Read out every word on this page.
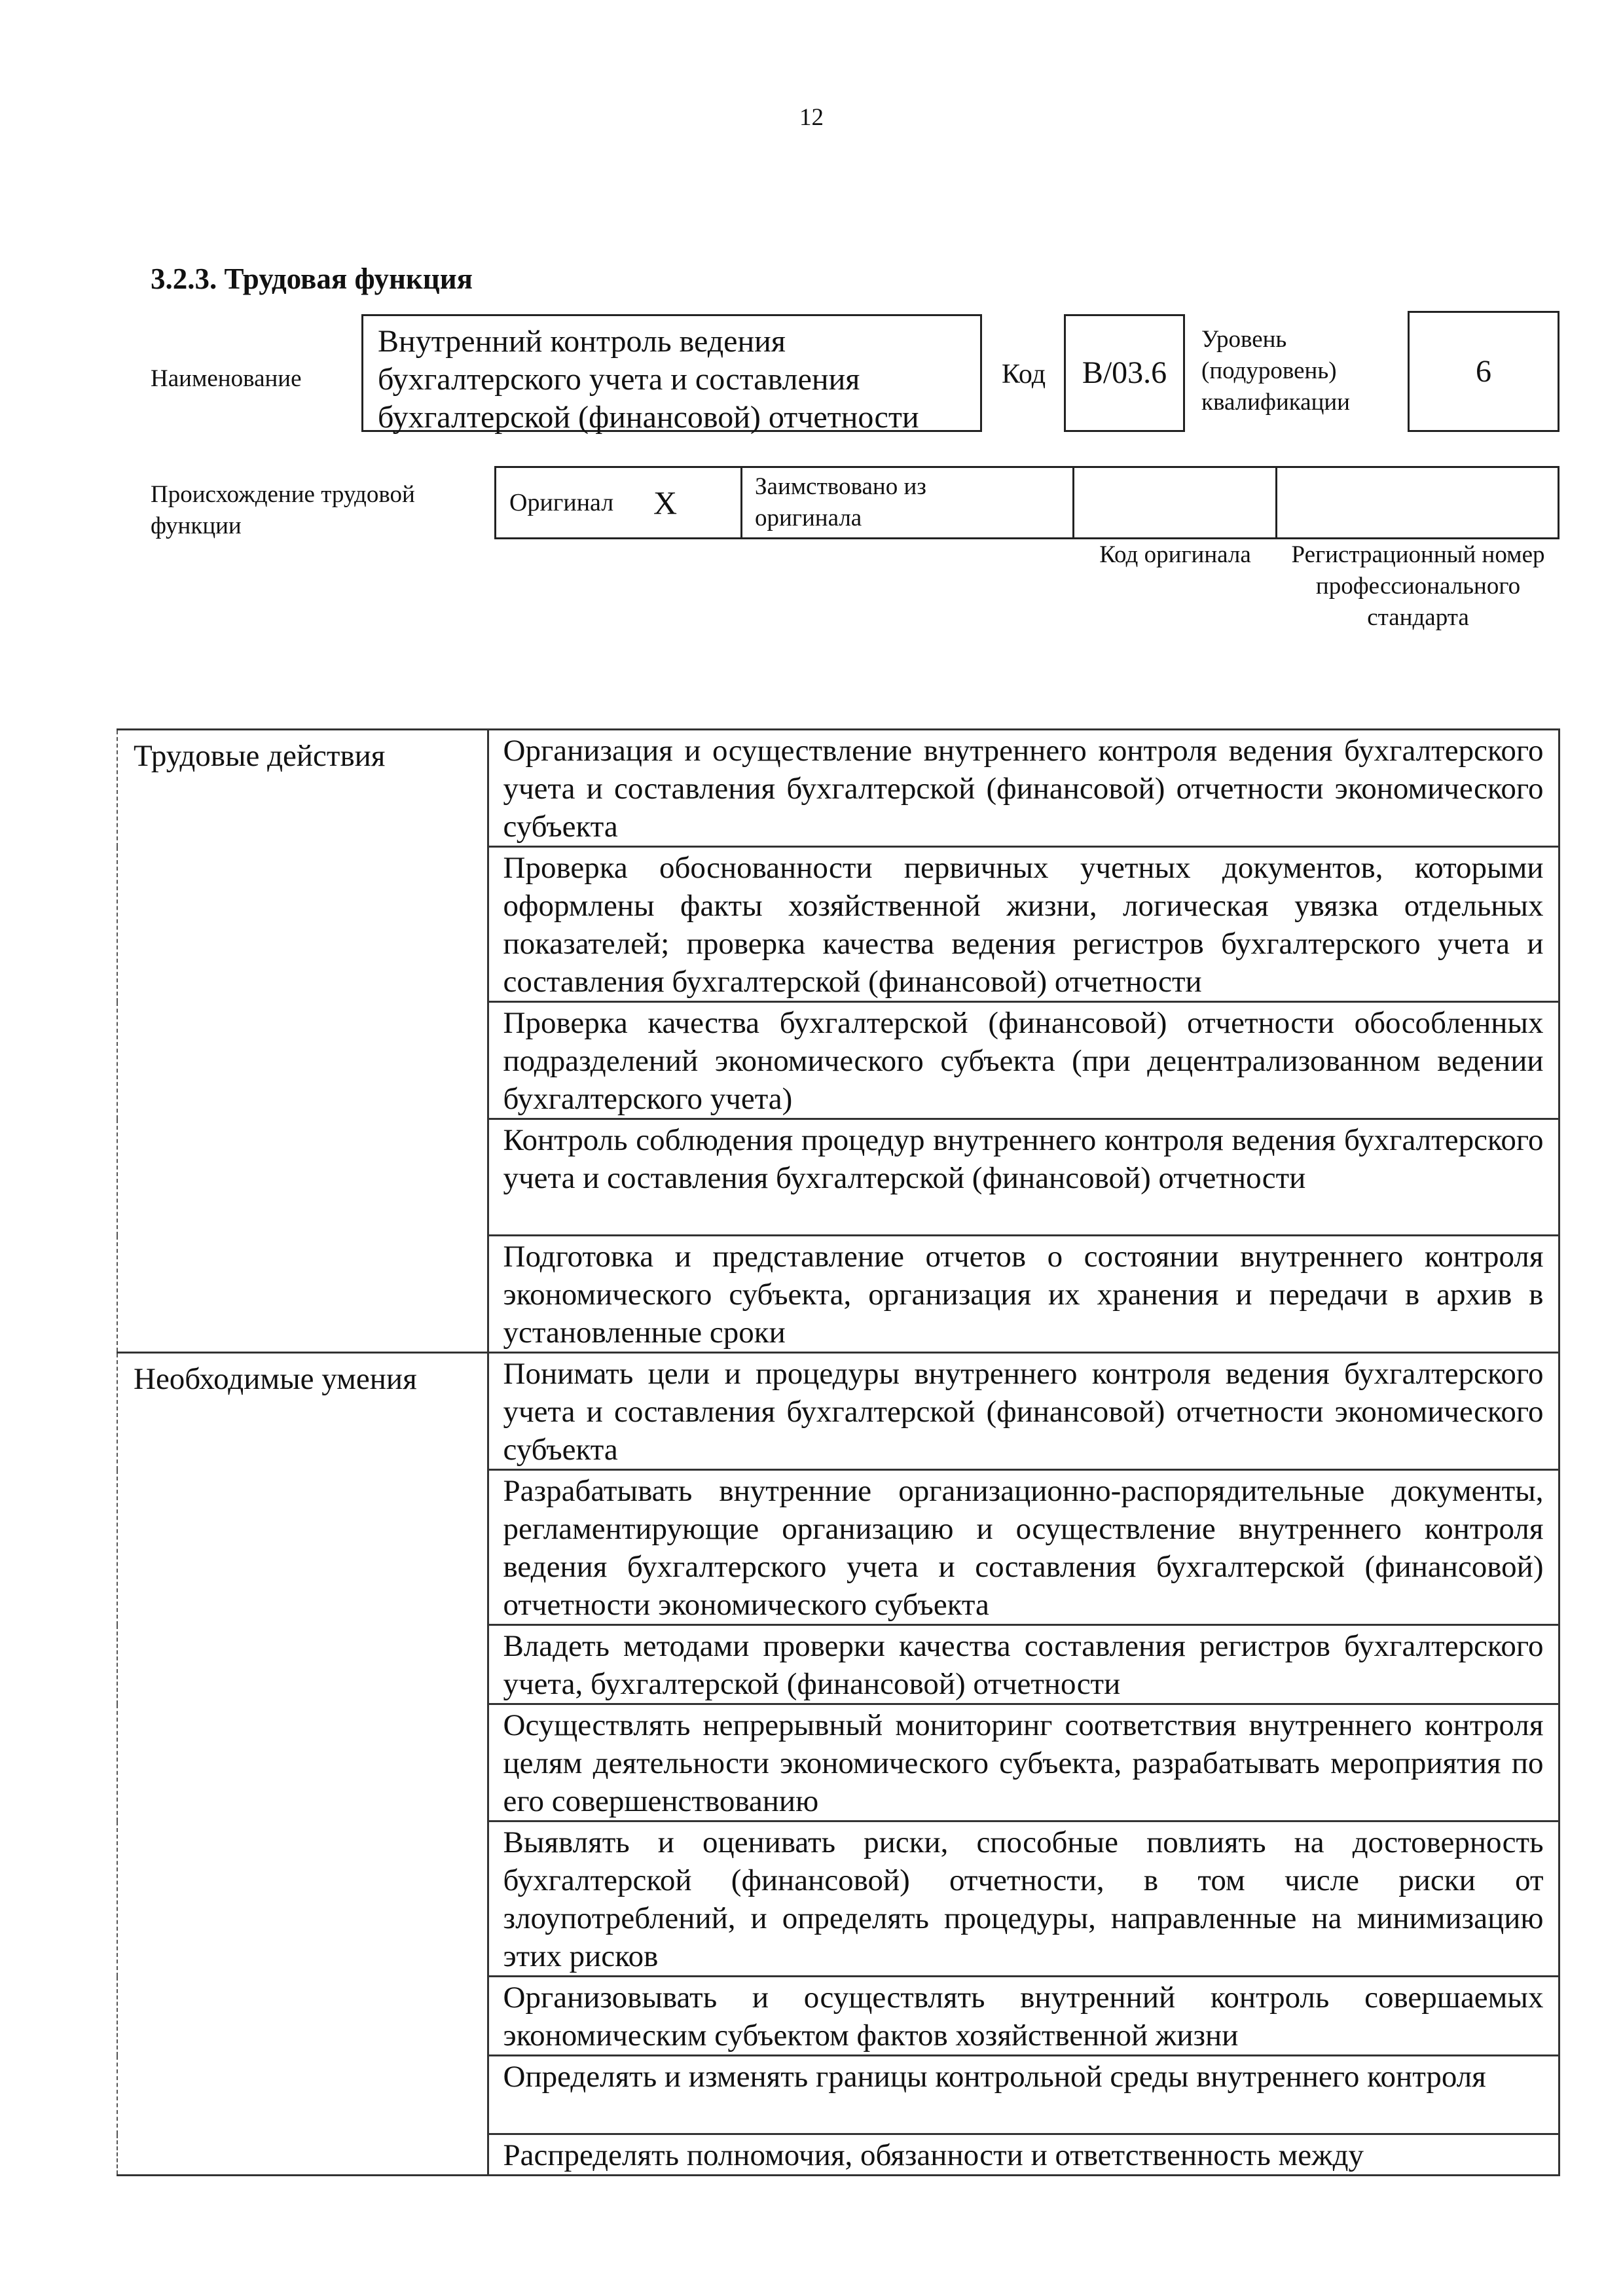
12
3.2.3. Трудовая функция
Наименование
Внутренний контроль ведения бухгалтерского учета и составления бухгалтерской (финансовой) отчетности
Код B/03.6
Уровень (подуровень) квалификации
6
Происхождение трудовой функции
Оригинал X	Заимствовано из оригинала
Код оригинала	Регистрационный номер профессионального стандарта
Трудовые действия	Организация и осуществление внутреннего контроля ведения бухгалтерского учета и составления бухгалтерской (финансовой) отчетности экономического субъекта
	Проверка обоснованности первичных учетных документов, которыми оформлены факты хозяйственной жизни, логическая увязка отдельных показателей; проверка качества ведения регистров бухгалтерского учета и составления бухгалтерской (финансовой) отчетности
	Проверка качества бухгалтерской (финансовой) отчетности обособленных подразделений экономического субъекта (при децентрализованном ведении бухгалтерского учета)
	Контроль соблюдения процедур внутреннего контроля ведения бухгалтерского учета и составления бухгалтерской (финансовой) отчетности
	Подготовка и представление отчетов о состоянии внутреннего контроля экономического субъекта, организация их хранения и передачи в архив в установленные сроки
Необходимые умения	Понимать цели и процедуры внутреннего контроля ведения бухгалтерского учета и составления бухгалтерской (финансовой) отчетности экономического субъекта
	Разрабатывать внутренние организационно-распорядительные документы, регламентирующие организацию и осуществление внутреннего контроля ведения бухгалтерского учета и составления бухгалтерской (финансовой) отчетности экономического субъекта
	Владеть методами проверки качества составления регистров бухгалтерского учета, бухгалтерской (финансовой) отчетности
	Осуществлять непрерывный мониторинг соответствия внутреннего контроля целям деятельности экономического субъекта, разрабатывать мероприятия по его совершенствованию
	Выявлять и оценивать риски, способные повлиять на достоверность бухгалтерской (финансовой) отчетности, в том числе риски от злоупотреблений, и определять процедуры, направленные на минимизацию этих рисков
	Организовывать и осуществлять внутренний контроль совершаемых экономическим субъектом фактов хозяйственной жизни
	Определять и изменять границы контрольной среды внутреннего контроля
	Распределять полномочия, обязанности и ответственность между
